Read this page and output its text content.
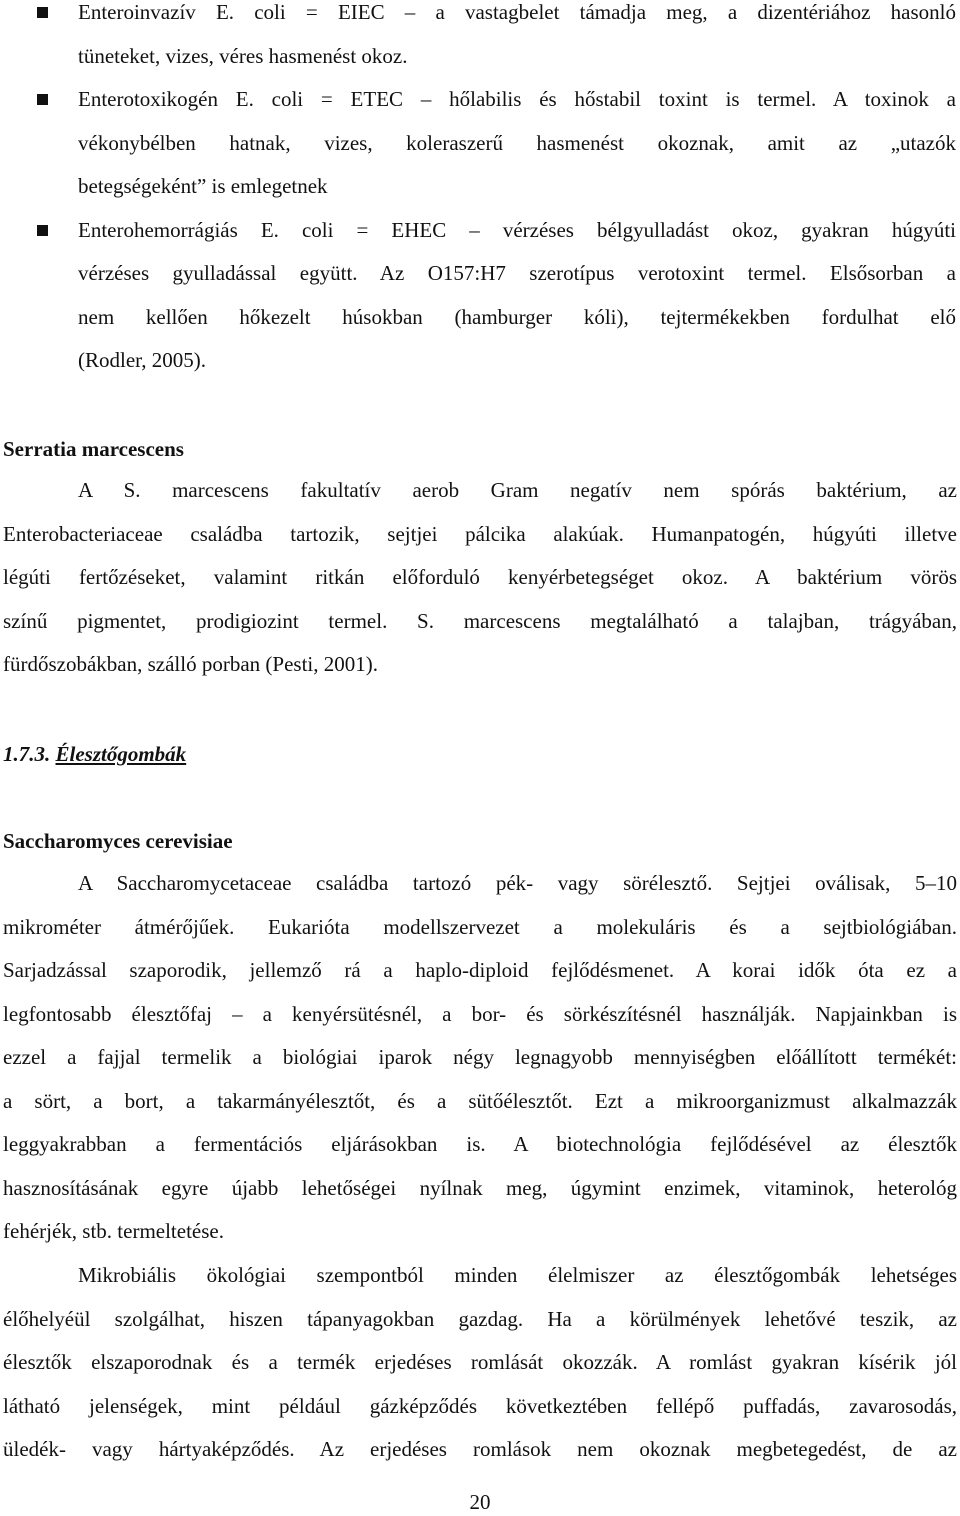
Enteroinvazív E. coli = EIEC – a vastagbelet támadja meg, a dizentériához hasonló
tüneteket, vizes, véres hasmenést okoz.
Enterotoxikogén E. coli = ETEC – hőlabilis és hőstabil toxint is termel. A toxinok a
vékonybélben hatnak, vizes, koleraszerű hasmenést okoznak, amit az „utazók
betegségeként” is emlegetnek
Enterohemorrágiás E. coli = EHEC – vérzéses bélgyulladást okoz, gyakran húgyúti
vérzéses gyulladással együtt. Az O157:H7 szerotípus verotoxint termel. Elsősorban a
nem kellően hőkezelt húsokban (hamburger kóli), tejtermékekben fordulhat elő
(Rodler, 2005).
Serratia marcescens
A S. marcescens fakultatív aerob Gram negatív nem spórás baktérium, az
Enterobacteriaceae családba tartozik, sejtjei pálcika alakúak. Humanpatogén, húgyúti illetve
légúti fertőzéseket, valamint ritkán előforduló kenyérbetegséget okoz. A baktérium vörös
színű pigmentet, prodigiozint termel. S. marcescens megtalálható a talajban, trágyában,
fürdőszobákban, szálló porban (Pesti, 2001).
1.7.3. Élesztőgombák
Saccharomyces cerevisiae
A Saccharomycetaceae családba tartozó pék- vagy sörélesztő. Sejtjei oválisak, 5–10
mikrométer átmérőjűek. Eukarióta modellszervezet a molekuláris és a sejtbiológiában.
Sarjadzással szaporodik, jellemző rá a haplo-diploid fejlődésmenet. A korai idők óta ez a
legfontosabb élesztőfaj – a kenyérsütésnél, a bor- és sörkészítésnél használják. Napjainkban is
ezzel a fajjal termelik a biológiai iparok négy legnagyobb mennyiségben előállított termékét:
a sört, a bort, a takarmányélesztőt, és a sütőélesztőt. Ezt a mikroorganizmust alkalmazzák
leggyakrabban a fermentációs eljárásokban is. A biotechnológia fejlődésével az élesztők
hasznosításának egyre újabb lehetőségei nyílnak meg, úgymint enzimek, vitaminok, heterológ
fehérjék, stb. termeltetése.
Mikrobiális ökológiai szempontból minden élelmiszer az élesztőgombák lehetséges
élőhelyéül szolgálhat, hiszen tápanyagokban gazdag. Ha a körülmények lehetővé teszik, az
élesztők elszaporodnak és a termék erjedéses romlását okozzák. A romlást gyakran kísérik jól
látható jelenségek, mint például gázképződés következtében fellépő puffadás, zavarosodás,
üledék- vagy hártyaképződés. Az erjedéses romlások nem okoznak megbetegedést, de az
20
